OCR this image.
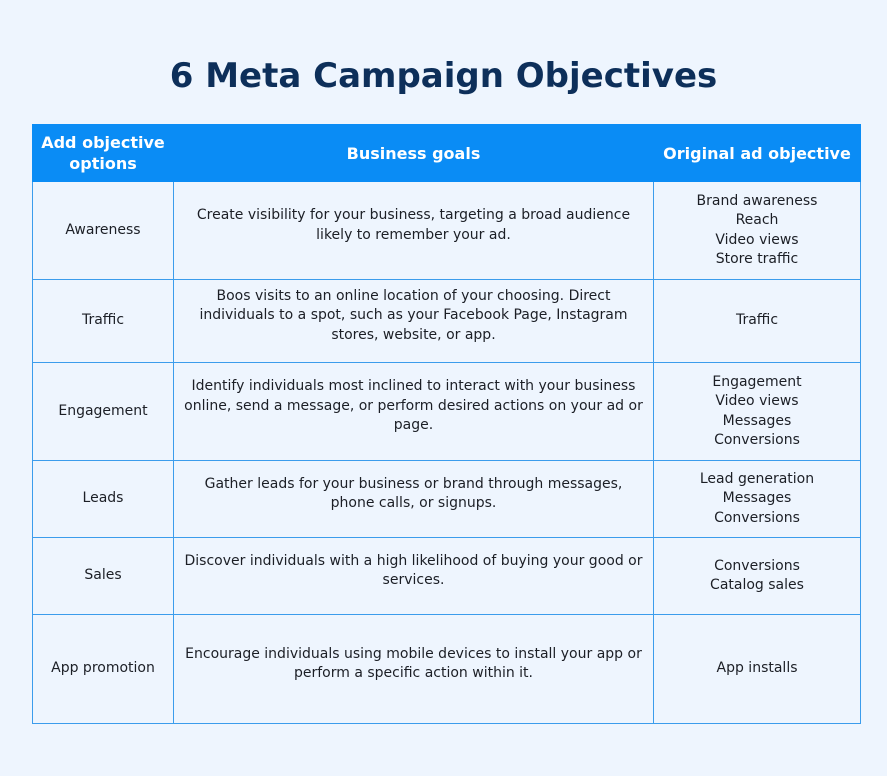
6 Meta Campaign Objectives
Add objective options	Business goals	Original ad objective
Awareness	Create visibility for your business, targeting a broad audience likely to remember your ad.	Brand awareness
Reach
Video views
Store traffic

Traffic	Boos visits to an online location of your choosing. Direct individuals to a spot, such as your Facebook Page, Instagram stores, website, or app.	Traffic

Engagement	Identify individuals most inclined to interact with your business online, send a message, or perform desired actions on your ad or page.	Engagement
Video views
Messages
Conversions

Leads	Gather leads for your business or brand through messages, phone calls, or signups.	Lead generation
Messages
Conversions

Sales	Discover individuals with a high likelihood of buying your good or services.	Conversions
Catalog sales

App promotion	Encourage individuals using mobile devices to install your app or perform a specific action within it.	App installs
